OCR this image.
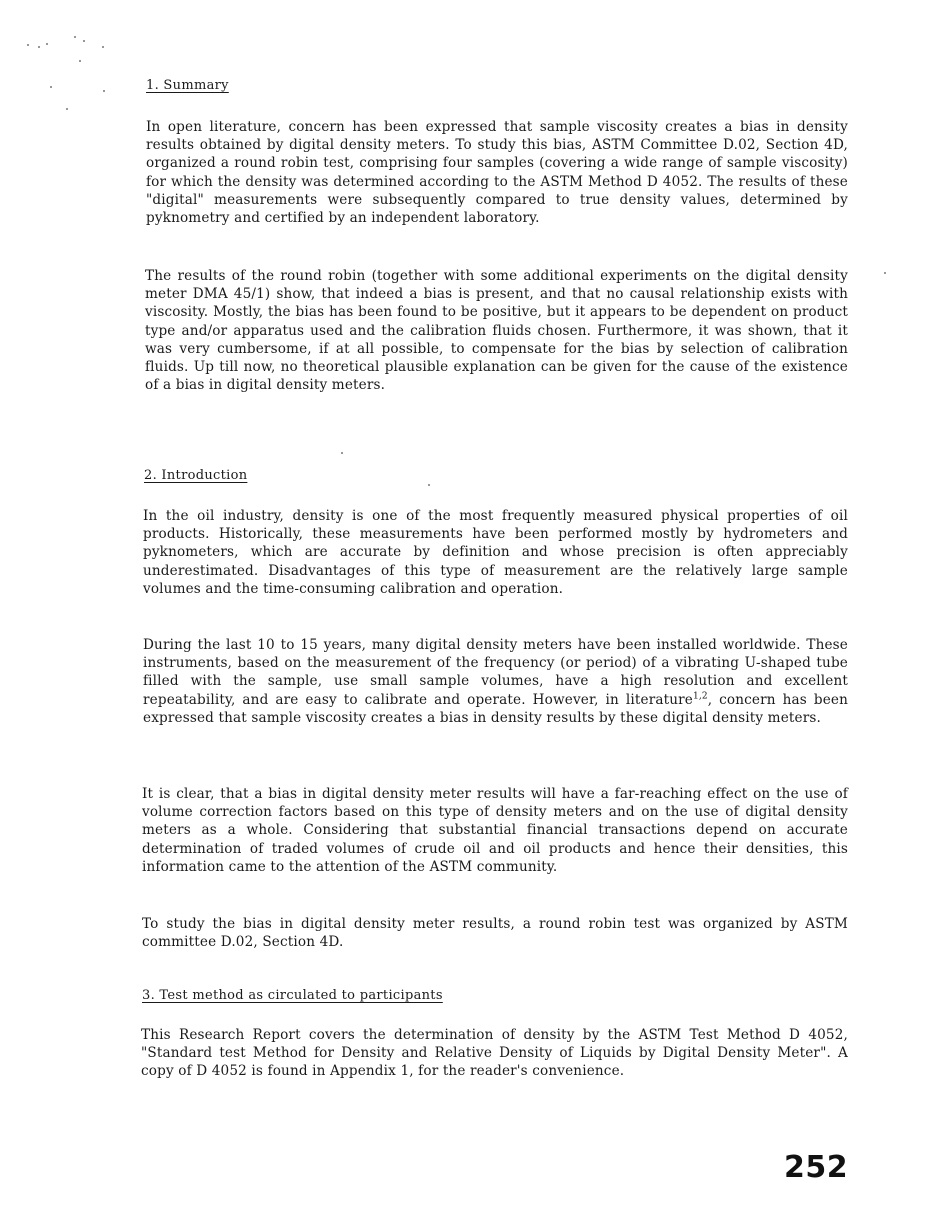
1. Summary

In open literature, concern has been expressed that sample viscosity creates a bias in density results obtained by digital density meters. To study this bias, ASTM Committee D.02, Section 4D, organized a round robin test, comprising four samples (covering a wide range of sample viscosity) for which the density was determined according to the ASTM Method D 4052. The results of these "digital" measurements were subsequently compared to true density values, determined by pyknometry and certified by an independent laboratory.

The results of the round robin (together with some additional experiments on the digital density meter DMA 45/1) show, that indeed a bias is present, and that no causal relationship exists with viscosity. Mostly, the bias has been found to be positive, but it appears to be dependent on product type and/or apparatus used and the calibration fluids chosen. Furthermore, it was shown, that it was very cumbersome, if at all possible, to compensate for the bias by selection of calibration fluids. Up till now, no theoretical plausible explanation can be given for the cause of the existence of a bias in digital density meters.

2. Introduction

In the oil industry, density is one of the most frequently measured physical properties of oil products. Historically, these measurements have been performed mostly by hydrometers and pyknometers, which are accurate by definition and whose precision is often appreciably underestimated. Disadvantages of this type of measurement are the relatively large sample volumes and the time-consuming calibration and operation.

During the last 10 to 15 years, many digital density meters have been installed worldwide. These instruments, based on the measurement of the frequency (or period) of a vibrating U-shaped tube filled with the sample, use small sample volumes, have a high resolution and excellent repeatability, and are easy to calibrate and operate. However, in literature$^{1,2}$, concern has been expressed that sample viscosity creates a bias in density results by these digital density meters.

It is clear, that a bias in digital density meter results will have a far-reaching effect on the use of volume correction factors based on this type of density meters and on the use of digital density meters as a whole. Considering that substantial financial transactions depend on accurate determination of traded volumes of crude oil and oil products and hence their densities, this information came to the attention of the ASTM community.

To study the bias in digital density meter results, a round robin test was organized by ASTM committee D.02, Section 4D.

3. Test method as circulated to participants

This Research Report covers the determination of density by the ASTM Test Method D 4052, "Standard test Method for Density and Relative Density of Liquids by Digital Density Meter". A copy of D 4052 is found in Appendix 1, for the reader's convenience.

252
